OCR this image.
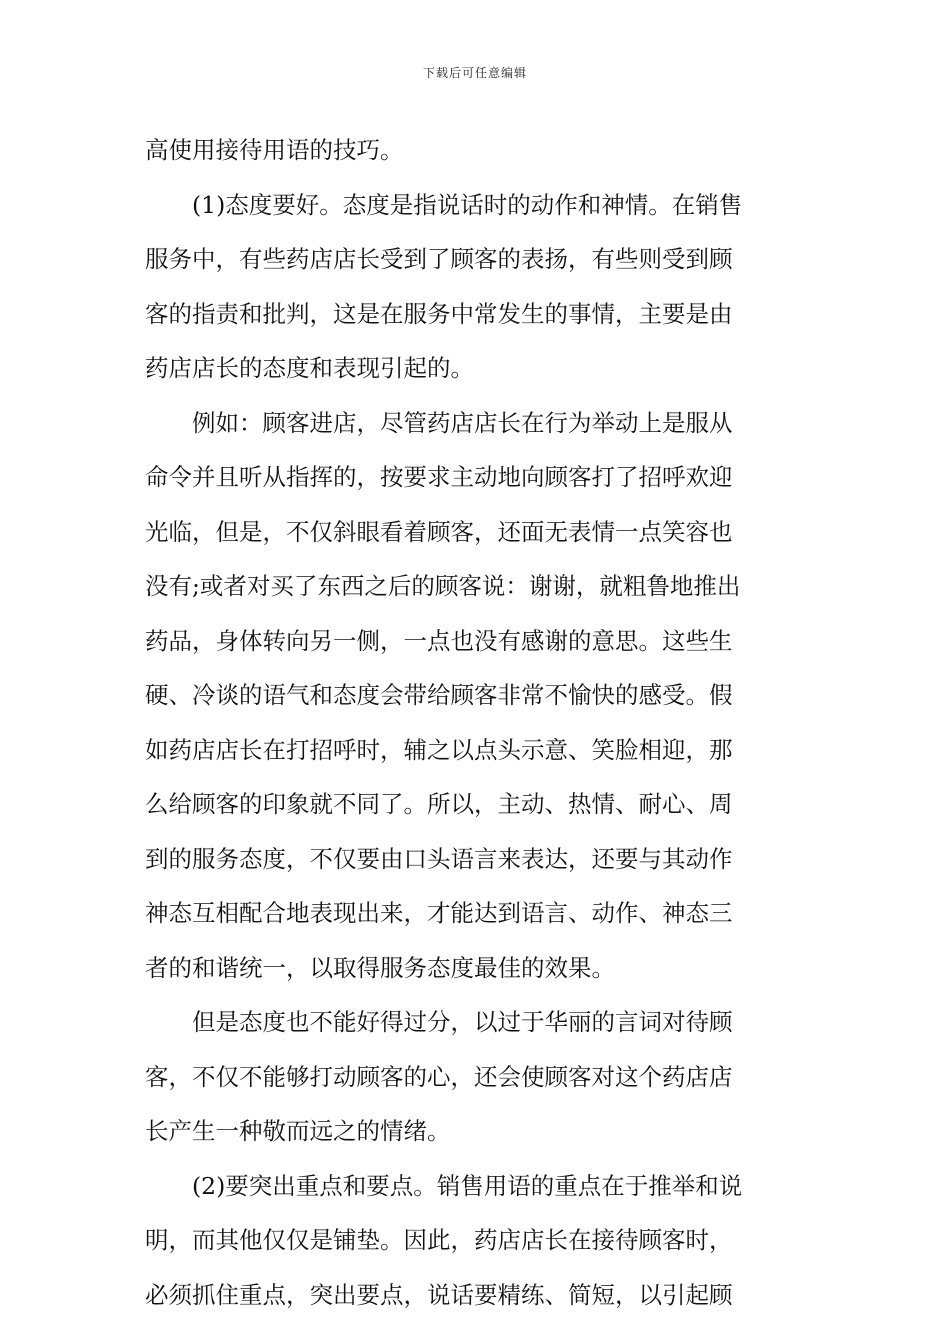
下载后可任意编辑
高使用接待用语的技巧。
(1)态度要好。态度是指说话时的动作和神情。在销售
服务中，有些药店店长受到了顾客的表扬，有些则受到顾
客的指责和批判，这是在服务中常发生的事情，主要是由
药店店长的态度和表现引起的。
例如：顾客进店，尽管药店店长在行为举动上是服从
命令并且听从指挥的，按要求主动地向顾客打了招呼欢迎
光临，但是，不仅斜眼看着顾客，还面无表情一点笑容也
没有;或者对买了东西之后的顾客说：谢谢，就粗鲁地推出
药品，身体转向另一侧，一点也没有感谢的意思。这些生
硬、冷谈的语气和态度会带给顾客非常不愉快的感受。假
如药店店长在打招呼时，辅之以点头示意、笑脸相迎，那
么给顾客的印象就不同了。所以，主动、热情、耐心、周
到的服务态度，不仅要由口头语言来表达，还要与其动作
神态互相配合地表现出来，才能达到语言、动作、神态三
者的和谐统一，以取得服务态度最佳的效果。
但是态度也不能好得过分，以过于华丽的言词对待顾
客，不仅不能够打动顾客的心，还会使顾客对这个药店店
长产生一种敬而远之的情绪。
(2)要突出重点和要点。销售用语的重点在于推举和说
明，而其他仅仅是铺垫。因此，药店店长在接待顾客时，
必须抓住重点，突出要点，说话要精练、简短，以引起顾
